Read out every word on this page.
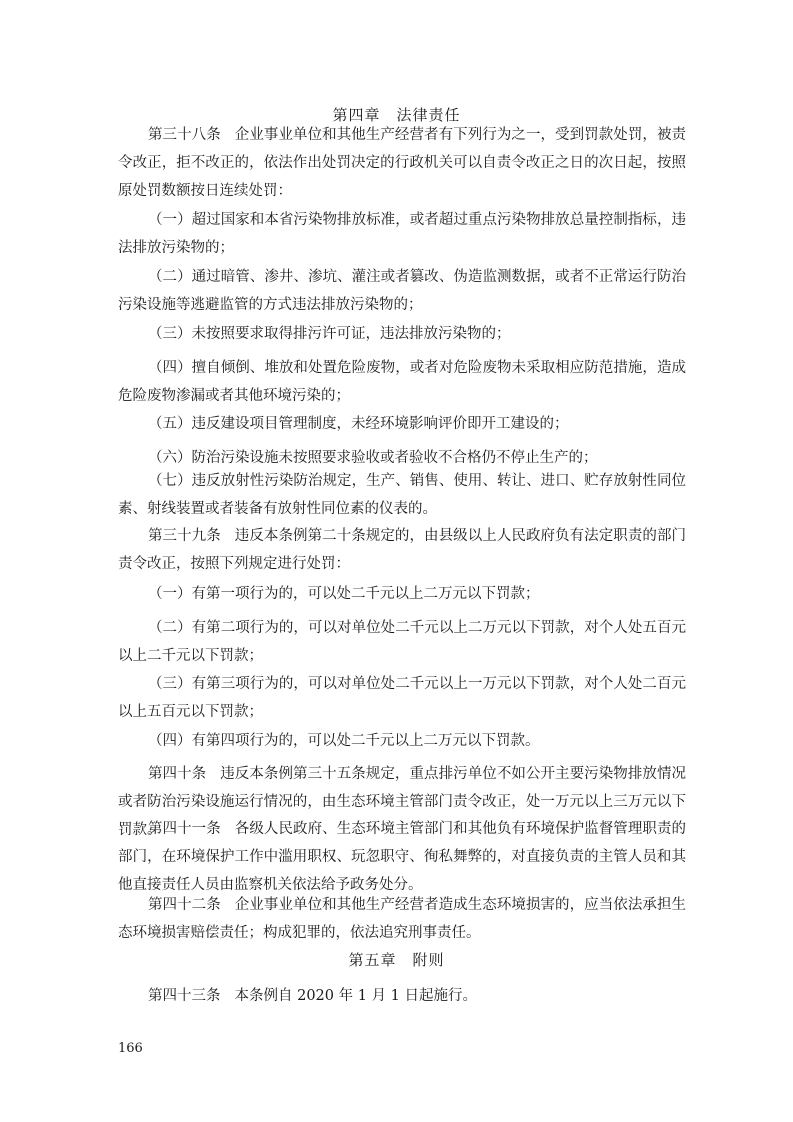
第四章　法律责任

第三十八条 企业事业单位和其他生产经营者有下列行为之一，受到罚款处罚，被责令改正，拒不改正的，依法作出处罚决定的行政机关可以自责令改正之日的次日起，按照原处罚数额按日连续处罚：

（一）超过国家和本省污染物排放标准，或者超过重点污染物排放总量控制指标，违法排放污染物的；

（二）通过暗管、渗井、渗坑、灌注或者篡改、伪造监测数据，或者不正常运行防治污染设施等逃避监管的方式违法排放污染物的；

（三）未按照要求取得排污许可证，违法排放污染物的；

（四）擅自倾倒、堆放和处置危险废物，或者对危险废物未采取相应防范措施，造成危险废物渗漏或者其他环境污染的；

（五）违反建设项目管理制度，未经环境影响评价即开工建设的；

（六）防治污染设施未按照要求验收或者验收不合格仍不停止生产的；

（七）违反放射性污染防治规定，生产、销售、使用、转让、进口、贮存放射性同位素、射线装置或者装备有放射性同位素的仪表的。

第三十九条 违反本条例第二十条规定的，由县级以上人民政府负有法定职责的部门责令改正，按照下列规定进行处罚：

（一）有第一项行为的，可以处二千元以上二万元以下罚款；

（二）有第二项行为的，可以对单位处二千元以上二万元以下罚款，对个人处五百元以上二千元以下罚款；

（三）有第三项行为的，可以对单位处二千元以上一万元以下罚款，对个人处二百元以上五百元以下罚款；

（四）有第四项行为的，可以处二千元以上二万元以下罚款。

第四十条 违反本条例第三十五条规定，重点排污单位不如公开主要污染物排放情况或者防治污染设施运行情况的，由生态环境主管部门责令改正，处一万元以上三万元以下罚款。

第四十一条 各级人民政府、生态环境主管部门和其他负有环境保护监督管理职责的部门，在环境保护工作中滥用职权、玩忽职守、徇私舞弊的，对直接负责的主管人员和其他直接责任人员由监察机关依法给予政务处分。

第四十二条 企业事业单位和其他生产经营者造成生态环境损害的，应当依法承担生态环境损害赔偿责任；构成犯罪的，依法追究刑事责任。

第五章　附则

第四十三条 本条例自 2020 年 1 月 1 日起施行。

166
